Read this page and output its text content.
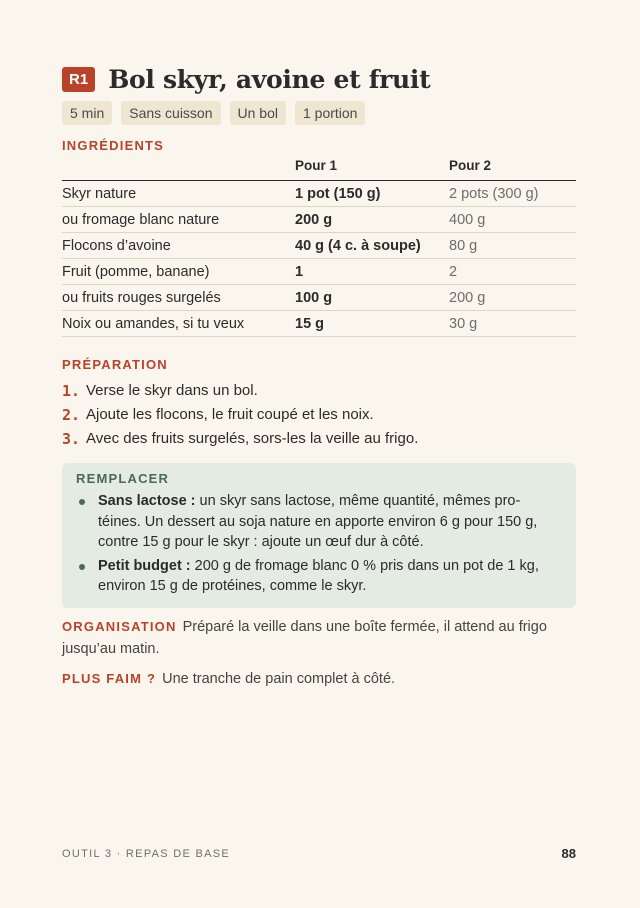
R1 Bol skyr, avoine et fruit
5 min	Sans cuisson	Un bol	1 portion
INGRÉDIENTS
	Pour 1	Pour 2
Skyr nature	1 pot (150 g)	2 pots (300 g)
ou fromage blanc nature	200 g	400 g
Flocons d’avoine	40 g (4 c. à soupe)	80 g
Fruit (pomme, banane)	1	2
ou fruits rouges surgelés	100 g	200 g
Noix ou amandes, si tu veux	15 g	30 g
PRÉPARATION
1. Verse le skyr dans un bol.
2. Ajoute les flocons, le fruit coupé et les noix.
3. Avec des fruits surgelés, sors-les la veille au frigo.
REMPLACER
Sans lactose : un skyr sans lactose, même quantité, mêmes pro-téines. Un dessert au soja nature en apporte environ 6 g pour 150 g, contre 15 g pour le skyr : ajoute un œuf dur à côté.
Petit budget : 200 g de fromage blanc 0 % pris dans un pot de 1 kg, environ 15 g de protéines, comme le skyr.
ORGANISATION Préparé la veille dans une boîte fermée, il attend au frigo jusqu’au matin.
PLUS FAIM ? Une tranche de pain complet à côté.
OUTIL 3 · REPAS DE BASE	88
